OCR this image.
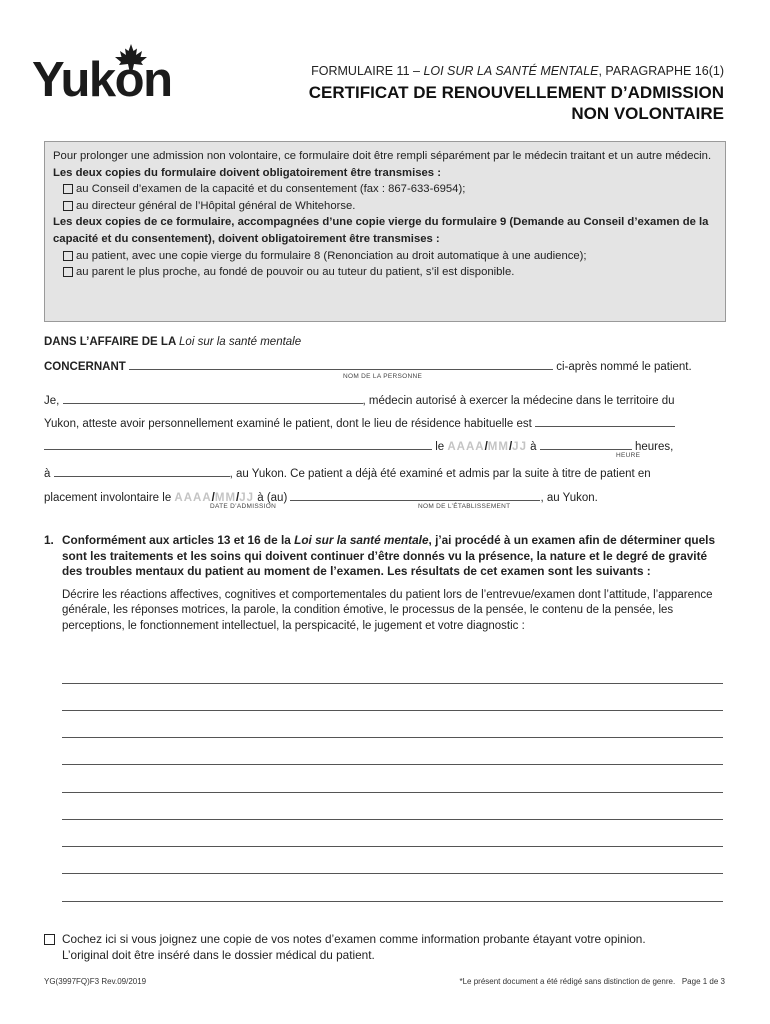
Yukon	FORMULAIRE 11 – LOI SUR LA SANTÉ MENTALE, PARAGRAPHE 16(1)
CERTIFICAT DE RENOUVELLEMENT D’ADMISSION
NON VOLONTAIRE

Pour prolonger une admission non volontaire, ce formulaire doit être rempli séparément par le médecin traitant et un autre médecin.

Les deux copies du formulaire doivent obligatoirement être transmises :

au Conseil d’examen de la capacité et du consentement (fax : 867-633-6954);
au directeur général de l’Hôpital général de Whitehorse.

Les deux copies de ce formulaire, accompagnées d’une copie vierge du formulaire 9 (Demande au Conseil d’examen de la capacité et du consentement), doivent obligatoirement être transmises :

au patient, avec une copie vierge du formulaire 8 (Renonciation au droit automatique à une audience);
au parent le plus proche, au fondé de pouvoir ou au tuteur du patient, s’il est disponible.
DANS L’AFFAIRE DE LA Loi sur la santé mentale
CONCERNANT	ci-après nommé le patient.
NOM DE LA PERSONNE
Je,	, médecin autorisé à exercer la médecine dans le territoire du
Yukon, atteste avoir personnellement examiné le patient, dont le lieu de résidence habituelle est
le AAAA/MM/JJ à	heures,
HEURE
à	, au Yukon. Ce patient a déjà été examiné et admis par la suite à titre de patient en
placement involontaire le AAAA/MM/JJ à (au)	, au Yukon.
DATE D’ADMISSION	NOM DE L’ÉTABLISSEMENT
1. Conformément aux articles 13 et 16 de la Loi sur la santé mentale, j’ai procédé à un examen afin de déterminer quels sont les traitements et les soins qui doivent continuer d’être donnés vu la présence, la nature et le degré de gravité des troubles mentaux du patient au moment de l’examen. Les résultats de cet examen sont les suivants :
Décrire les réactions affectives, cognitives et comportementales du patient lors de l’entrevue/examen dont l’attitude, l’apparence générale, les réponses motrices, la parole, la condition émotive, le processus de la pensée, le contenu de la pensée, les perceptions, le fonctionnement intellectuel, la perspicacité, le jugement et votre diagnostic :
Cochez ici si vous joignez une copie de vos notes d’examen comme information probante étayant votre opinion.
L’original doit être inséré dans le dossier médical du patient.
YG(3997FQ)F3 Rev.09/2019	*Le présent document a été rédigé sans distinction de genre. Page 1 de 3
